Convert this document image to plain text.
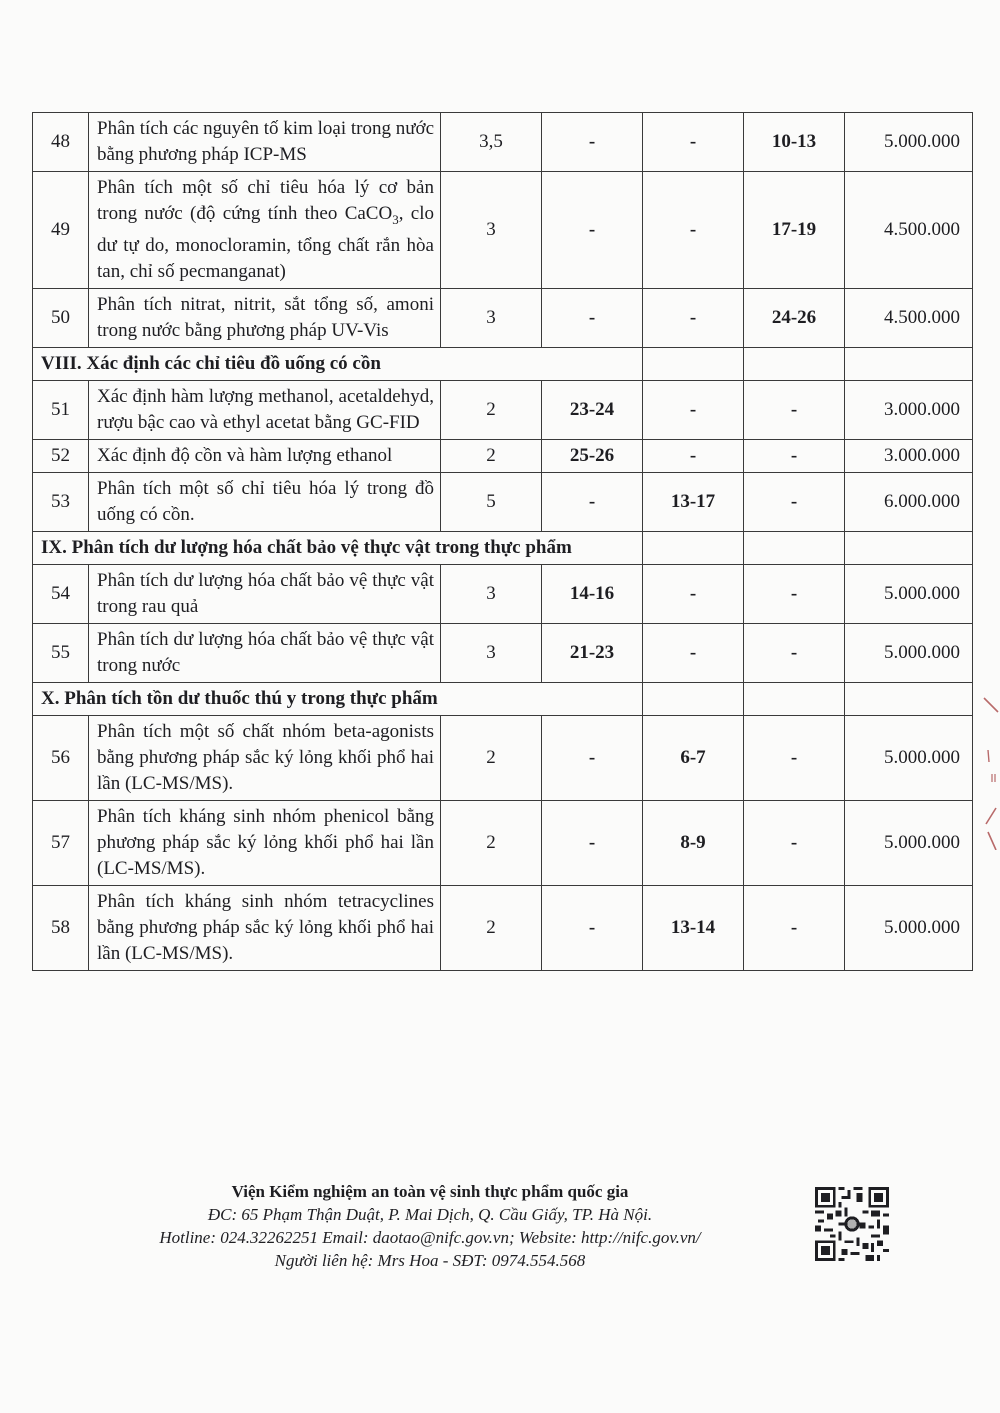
48	Phân tích các nguyên tố kim loại trong nước bằng phương pháp ICP-MS	3,5	-	-	10-13	5.000.000
49	Phân tích một số chỉ tiêu hóa lý cơ bản trong nước (độ cứng tính theo CaCO$_3$, clo dư tự do, monocloramin, tổng chất rắn hòa tan, chỉ số pecmanganat)	3	-	-	17-19	4.500.000
50	Phân tích nitrat, nitrit, sắt tổng số, amoni trong nước bằng phương pháp UV-Vis	3	-	-	24-26	4.500.000
VIII. Xác định các chỉ tiêu đồ uống có cồn						
51	Xác định hàm lượng methanol, acetaldehyd, rượu bậc cao và ethyl acetat bằng GC-FID	2	23-24	-	-	3.000.000
52	Xác định độ cồn và hàm lượng ethanol	2	25-26	-	-	3.000.000
53	Phân tích một số chỉ tiêu hóa lý trong đồ uống có cồn.	5	-	13-17	-	6.000.000
IX. Phân tích dư lượng hóa chất bảo vệ thực vật trong thực phẩm						
54	Phân tích dư lượng hóa chất bảo vệ thực vật trong rau quả	3	14-16	-	-	5.000.000
55	Phân tích dư lượng hóa chất bảo vệ thực vật trong nước	3	21-23	-	-	5.000.000
X. Phân tích tồn dư thuốc thú y trong thực phẩm						
56	Phân tích một số chất nhóm beta-agonists bằng phương pháp sắc ký lỏng khối phổ hai lần (LC-MS/MS).	2	-	6-7	-	5.000.000
57	Phân tích kháng sinh nhóm phenicol bằng phương pháp sắc ký lỏng khối phổ hai lần (LC-MS/MS).	2	-	8-9	-	5.000.000
58	Phân tích kháng sinh nhóm tetracyclines bằng phương pháp sắc ký lỏng khối phổ hai lần (LC-MS/MS).	2	-	13-14	-	5.000.000
Viện Kiểm nghiệm an toàn vệ sinh thực phẩm quốc gia
ĐC: 65 Phạm Thận Duật, P. Mai Dịch, Q. Cầu Giấy, TP. Hà Nội.
Hotline: 024.32262251 Email: daotao@nifc.gov.vn; Website: http://nifc.gov.vn/
Người liên hệ: Mrs Hoa - SĐT: 0974.554.568
